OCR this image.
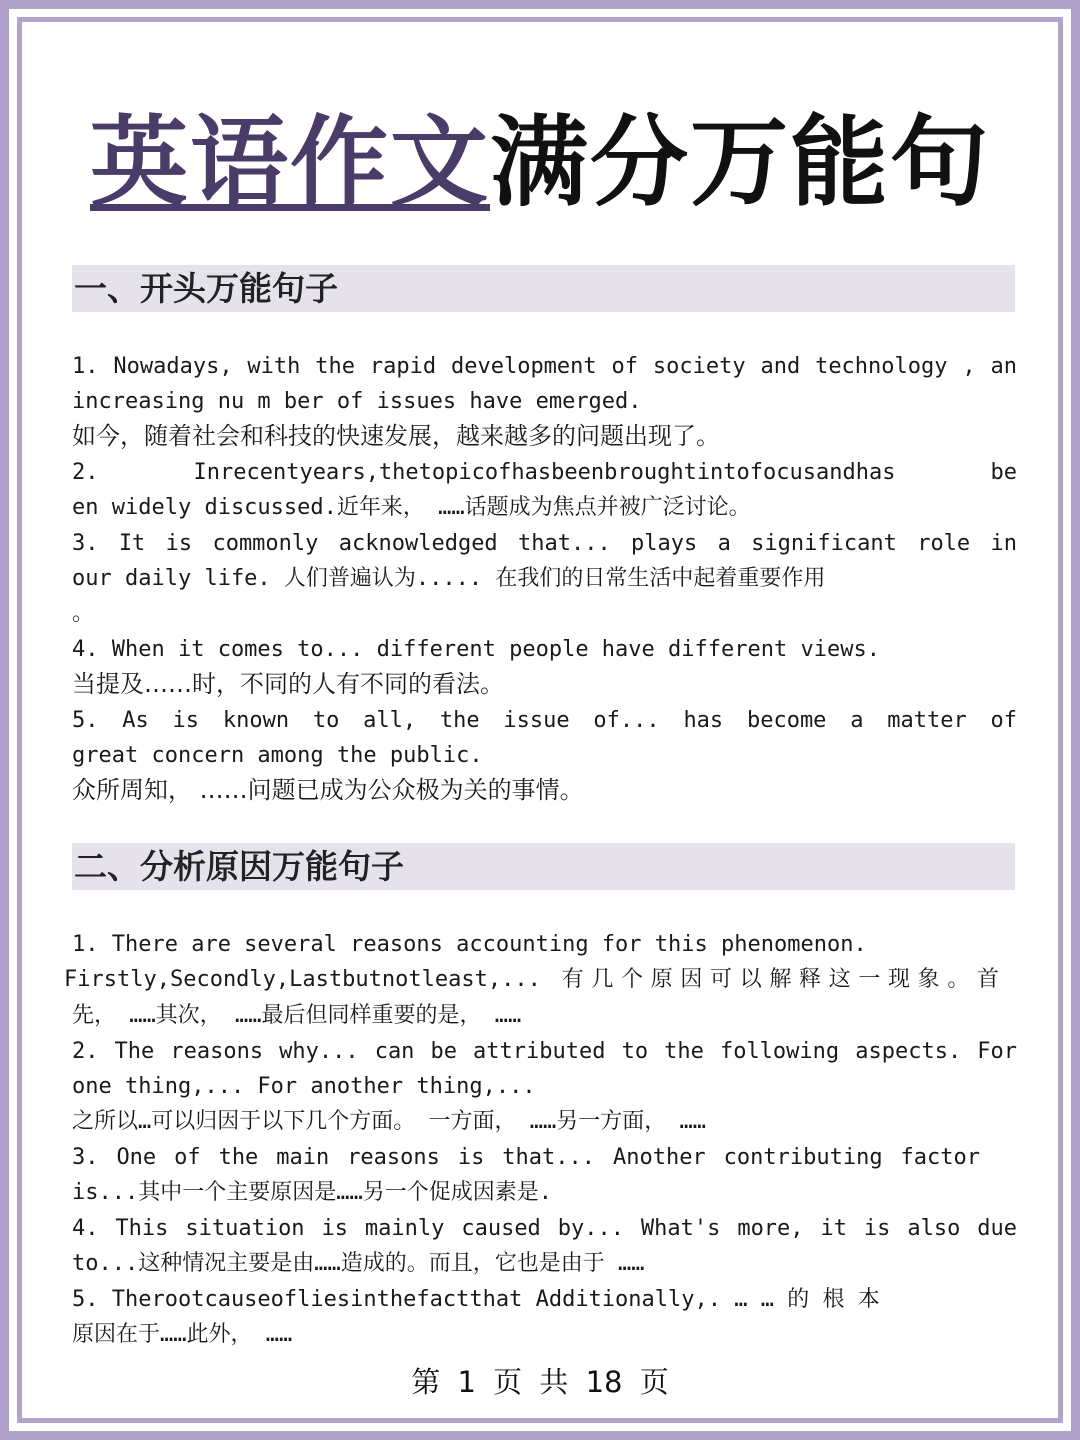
英语作文满分万能句
一、开头万能句子
1. Nowadays, with the rapid development of society and technology , an
increasing nu m ber of issues have emerged.
如今，随着社会和科技的快速发展，越来越多的问题出现了。
2. Inrecentyears,thetopicofhasbeenbroughtintofocusandhas be
en widely discussed.近年来， ……话题成为焦点并被广泛讨论。
3. It is commonly acknowledged that... plays a significant role in
our daily life. 人们普遍认为..... 在我们的日常生活中起着重要作用
。
4. When it comes to... different people have different views.
当提及……时，不同的人有不同的看法。
5. As is known to all, the issue of... has become a matter of
great concern among the public.
众所周知， ……问题已成为公众极为关的事情。
二、分析原因万能句子
1. There are several reasons accounting for this phenomenon.
Firstly,Secondly,Lastbutnotleast,... 有几个原因可以解释这一现象。首
先， ……其次， ……最后但同样重要的是， ……
2. The reasons why... can be attributed to the following aspects. For
one thing,... For another thing,...
之所以…可以归因于以下几个方面。 一方面， ……另一方面， ……
3. One of the main reasons is that... Another contributing factor
is...其中一个主要原因是……另一个促成因素是.
4. This situation is mainly caused by... What's more, it is also due
to...这种情况主要是由……造成的。而且，它也是由于 ……
5. Therootcauseofliesinthefactthat Additionally,. … … 的 根 本
原因在于……此外， ……
第 1 页 共 18 页
